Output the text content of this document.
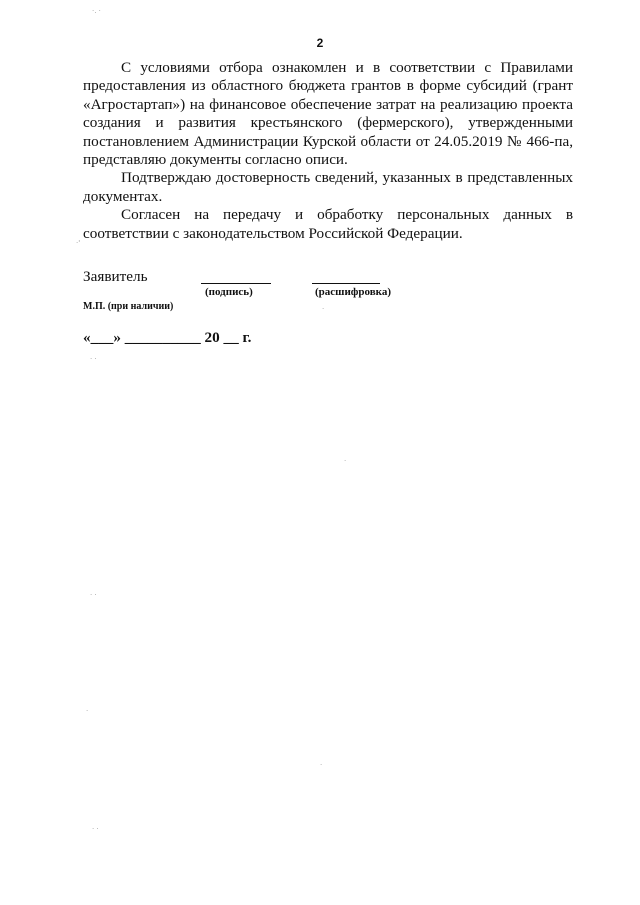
2

С условиями отбора ознакомлен и в соответствии с Правилами предоставления из областного бюджета грантов в форме субсидий (грант «Агростартап») на финансовое обеспечение затрат на реализацию проекта создания и развития крестьянского (фермерского), утвержденными постановлением Администрации Курской области от 24.05.2019 № 466-па, представляю документы согласно описи.

Подтверждаю достоверность сведений, указанных в представленных документах.

Согласен на передачу и обработку персональных данных в соответствии с законодательством Российской Федерации.

Заявитель
(подпись)	(расшифровка)
М.П. (при наличии)
«___» __________ 20 __ г.
·. ·
·'
·
· ·
·
· ·
·
·
· ·
